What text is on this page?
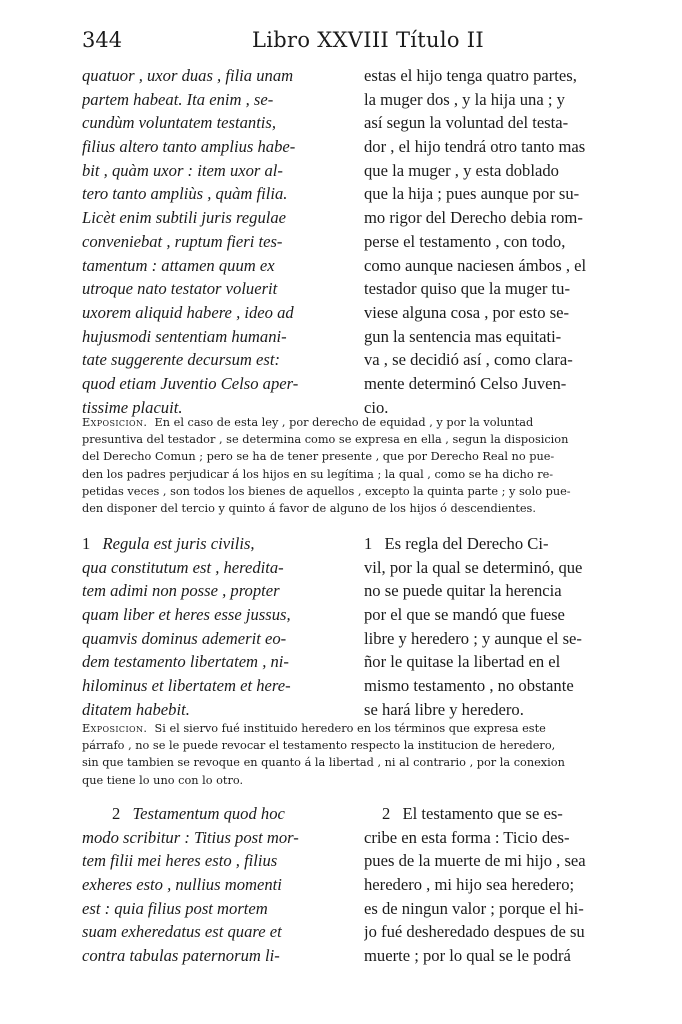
344	Libro XXVIII Título II
quatuor , uxor duas , filia unam
partem habeat. Ita enim , se-
cundùm voluntatem testantis,
filius altero tanto amplius habe-
bit , quàm uxor : item uxor al-
tero tanto ampliùs , quàm filia.
Licèt enim subtili juris regulae
conveniebat , ruptum fieri tes-
tamentum : attamen quum ex
utroque nato testator voluerit
uxorem aliquid habere , ideo ad
hujusmodi sententiam humani-
tate suggerente decursum est:
quod etiam Juventio Celso aper-
tissime placuit.
estas el hijo tenga quatro partes,
la muger dos , y la hija una ; y
así segun la voluntad del testa-
dor , el hijo tendrá otro tanto mas
que la muger , y esta doblado
que la hija ; pues aunque por su-
mo rigor del Derecho debia rom-
perse el testamento , con todo,
como aunque naciesen ámbos , el
testador quiso que la muger tu-
viese alguna cosa , por esto se-
gun la sentencia mas equitati-
va , se decidió así , como clara-
mente determinó Celso Juven-
cio.
Exposicion. En el caso de esta ley , por derecho de equidad , y por la voluntad
presuntiva del testador , se determina como se expresa en ella , segun la disposicion
del Derecho Comun ; pero se ha de tener presente , que por Derecho Real no pue-
den los padres perjudicar á los hijos en su legítima ; la qual , como se ha dicho re-
petidas veces , son todos los bienes de aquellos , excepto la quinta parte ; y solo pue-
den disponer del tercio y quinto á favor de alguno de los hijos ó descendientes.
1 Regula est juris civilis,
qua constitutum est , heredita-
tem adimi non posse , propter
quam liber et heres esse jussus,
quamvis dominus ademerit eo-
dem testamento libertatem , ni-
hilominus et libertatem et here-
ditatem habebit.
1 Es regla del Derecho Ci-
vil, por la qual se determinó, que
no se puede quitar la herencia
por el que se mandó que fuese
libre y heredero ; y aunque el se-
ñor le quitase la libertad en el
mismo testamento , no obstante
se hará libre y heredero.
Exposicion. Si el siervo fué instituido heredero en los términos que expresa este
párrafo , no se le puede revocar el testamento respecto la institucion de heredero,
sin que tambien se revoque en quanto á la libertad , ni al contrario , por la conexion
que tiene lo uno con lo otro.
2 Testamentum quod hoc
modo scribitur : Titius post mor-
tem filii mei heres esto , filius
exheres esto , nullius momenti
est : quia filius post mortem
suam exheredatus est quare et
contra tabulas paternorum li-
2 El testamento que se es-
cribe en esta forma : Ticio des-
pues de la muerte de mi hijo , sea
heredero , mi hijo sea heredero;
es de ningun valor ; porque el hi-
jo fué desheredado despues de su
muerte ; por lo qual se le podrá
